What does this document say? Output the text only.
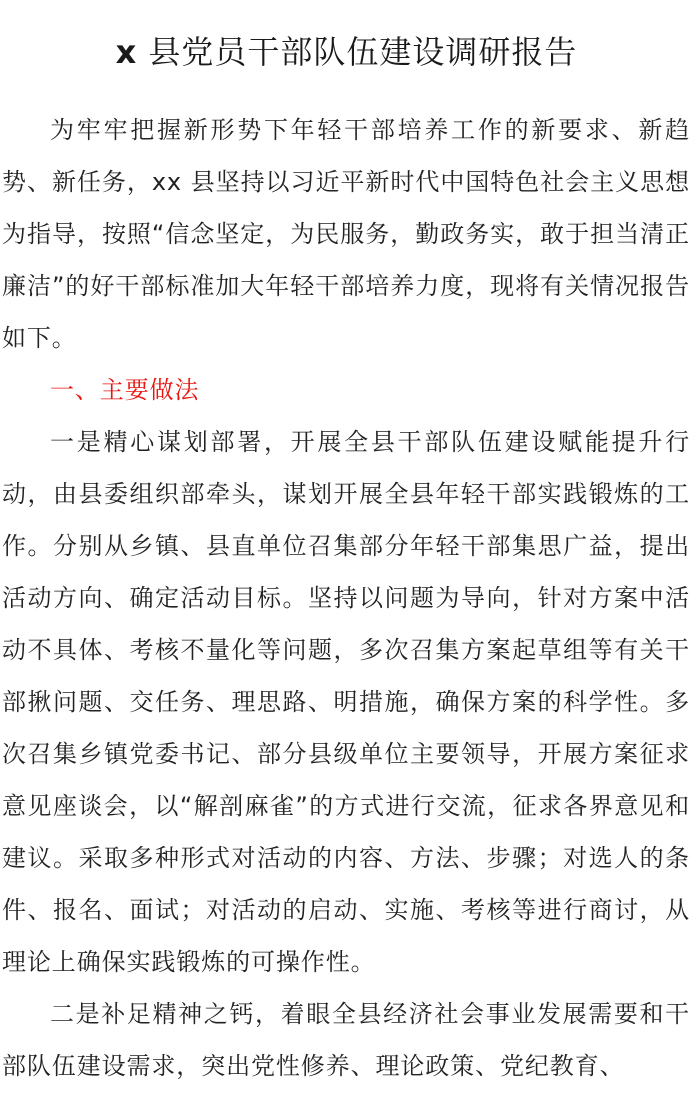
x 县党员干部队伍建设调研报告

为牢牢把握新形势下年轻干部培养工作的新要求、新趋势、新任务，xx 县坚持以习近平新时代中国特色社会主义思想为指导，按照“信念坚定，为民服务，勤政务实，敢于担当清正廉洁”的好干部标准加大年轻干部培养力度，现将有关情况报告如下。

一、主要做法

一是精心谋划部署，开展全县干部队伍建设赋能提升行动，由县委组织部牵头，谋划开展全县年轻干部实践锻炼的工作。分别从乡镇、县直单位召集部分年轻干部集思广益，提出活动方向、确定活动目标。坚持以问题为导向，针对方案中活动不具体、考核不量化等问题，多次召集方案起草组等有关干部揪问题、交任务、理思路、明措施，确保方案的科学性。多次召集乡镇党委书记、部分县级单位主要领导，开展方案征求意见座谈会，以“解剖麻雀”的方式进行交流，征求各界意见和建议。采取多种形式对活动的内容、方法、步骤；对选人的条件、报名、面试；对活动的启动、实施、考核等进行商讨，从理论上确保实践锻炼的可操作性。

二是补足精神之钙，着眼全县经济社会事业发展需要和干部队伍建设需求，突出党性修养、理论政策、党纪教育、
